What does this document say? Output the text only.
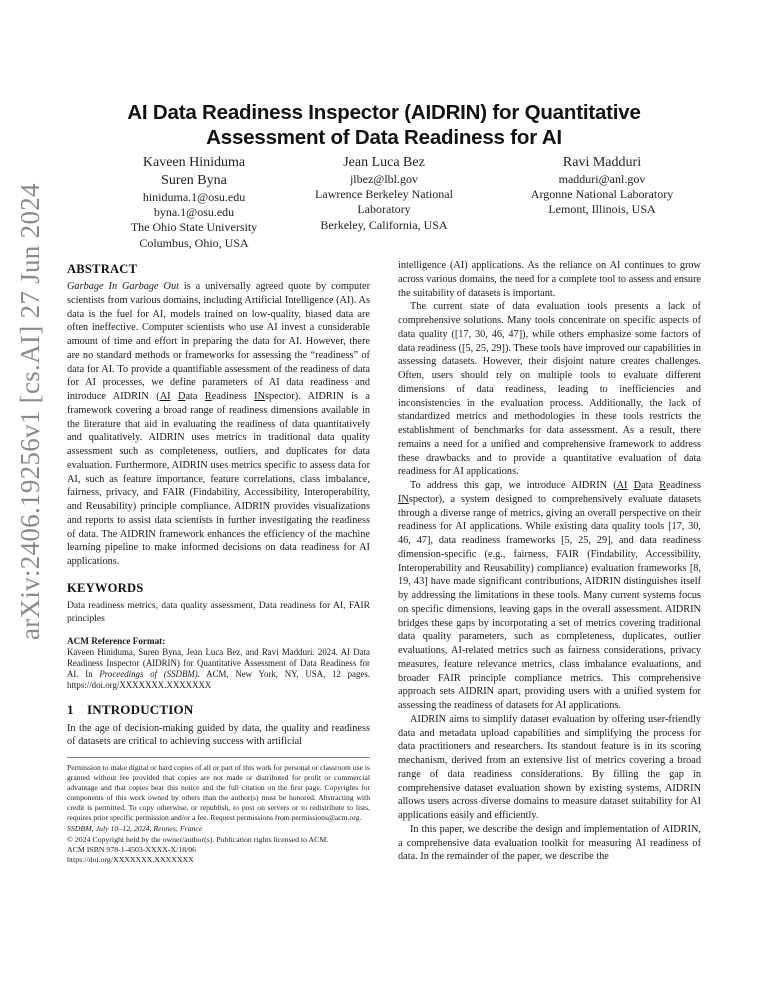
AI Data Readiness Inspector (AIDRIN) for Quantitative
Assessment of Data Readiness for AI
Kaveen Hiniduma
Suren Byna
hiniduma.1@osu.edu
byna.1@osu.edu
The Ohio State University
Columbus, Ohio, USA
Jean Luca Bez
jlbez@lbl.gov
Lawrence Berkeley National
Laboratory
Berkeley, California, USA
Ravi Madduri
madduri@anl.gov
Argonne National Laboratory
Lemont, Illinois, USA
arXiv:2406.19256v1 [cs.AI] 27 Jun 2024 ABSTRACT

Garbage In Garbage Out is a universally agreed quote by computer scientists from various domains, including Artificial Intelligence (AI). As data is the fuel for AI, models trained on low-quality, biased data are often ineffective. Computer scientists who use AI invest a considerable amount of time and effort in preparing the data for AI. However, there are no standard methods or frameworks for assessing the “readiness” of data for AI. To provide a quantifiable assessment of the readiness of data for AI processes, we define parameters of AI data readiness and introduce AIDRIN (AI Data Readiness INspector). AIDRIN is a framework covering a broad range of readiness dimensions available in the literature that aid in evaluating the readiness of data quantitatively and qualitatively. AIDRIN uses metrics in traditional data quality assessment such as completeness, outliers, and duplicates for data evaluation. Furthermore, AIDRIN uses metrics specific to assess data for AI, such as feature importance, feature correlations, class imbalance, fairness, privacy, and FAIR (Findability, Accessibility, Interoperability, and Reusability) principle compliance. AIDRIN provides visualizations and reports to assist data scientists in further investigating the readiness of data. The AIDRIN framework enhances the efficiency of the machine learning pipeline to make informed decisions on data readiness for AI applications.

KEYWORDS

Data readiness metrics, data quality assessment, Data readiness for AI, FAIR principles

ACM Reference Format:
Kaveen Hiniduma, Suren Byna, Jean Luca Bez, and Ravi Madduri. 2024. AI Data Readiness Inspector (AIDRIN) for Quantitative Assessment of Data Readiness for AI. In Proceedings of (SSDBM). ACM, New York, NY, USA, 12 pages. https://doi.org/XXXXXXX.XXXXXXX
1 INTRODUCTION

In the age of decision-making guided by data, the quality and readiness of datasets are critical to achieving success with artificial

Permission to make digital or hard copies of all or part of this work for personal or classroom use is granted without fee provided that copies are not made or distributed for profit or commercial advantage and that copies bear this notice and the full citation on the first page. Copyrights for components of this work owned by others than the author(s) must be honored. Abstracting with credit is permitted. To copy otherwise, or republish, to post on servers or to redistribute to lists, requires prior specific permission and/or a fee. Request permissions from permissions@acm.org.
SSDBM, July 10–12, 2024, Rennes, France
© 2024 Copyright held by the owner/author(s). Publication rights licensed to ACM.
ACM ISBN 978-1-4503-XXXX-X/18/06
https://doi.org/XXXXXXX.XXXXXXX

intelligence (AI) applications. As the reliance on AI continues to grow across various domains, the need for a complete tool to assess and ensure the suitability of datasets is important.

The current state of data evaluation tools presents a lack of comprehensive solutions. Many tools concentrate on specific aspects of data quality ([17, 30, 46, 47]), while others emphasize some factors of data readiness ([5, 25, 29]). These tools have improved our capabilities in assessing datasets. However, their disjoint nature creates challenges. Often, users should rely on multiple tools to evaluate different dimensions of data readiness, leading to inefficiencies and inconsistencies in the evaluation process. Additionally, the lack of standardized metrics and methodologies in these tools restricts the establishment of benchmarks for data assessment. As a result, there remains a need for a unified and comprehensive framework to address these drawbacks and to provide a quantitative evaluation of data readiness for AI applications.

To address this gap, we introduce AIDRIN (AI Data Readiness INspector), a system designed to comprehensively evaluate datasets through a diverse range of metrics, giving an overall perspective on their readiness for AI applications. While existing data quality tools [17, 30, 46, 47], data readiness frameworks [5, 25, 29], and data readiness dimension-specific (e.g., fairness, FAIR (Findability, Accessibility, Interoperability and Reusability) compliance) evaluation frameworks [8, 19, 43] have made significant contributions, AIDRIN distinguishes itself by addressing the limitations in these tools. Many current systems focus on specific dimensions, leaving gaps in the overall assessment. AIDRIN bridges these gaps by incorporating a set of metrics covering traditional data quality parameters, such as completeness, duplicates, outlier evaluations, AI-related metrics such as fairness considerations, privacy measures, feature relevance metrics, class imbalance evaluations, and broader FAIR principle compliance metrics. This comprehensive approach sets AIDRIN apart, providing users with a unified system for assessing the readiness of datasets for AI applications.

AIDRIN aims to simplify dataset evaluation by offering user-friendly data and metadata upload capabilities and simplifying the process for data practitioners and researchers. Its standout feature is in its scoring mechanism, derived from an extensive list of metrics covering a broad range of data readiness considerations. By filling the gap in comprehensive dataset evaluation shown by existing systems, AIDRIN allows users across diverse domains to measure dataset suitability for AI applications easily and efficiently.

In this paper, we describe the design and implementation of AIDRIN, a comprehensive data evaluation toolkit for measuring AI readiness of data. In the remainder of the paper, we describe the
